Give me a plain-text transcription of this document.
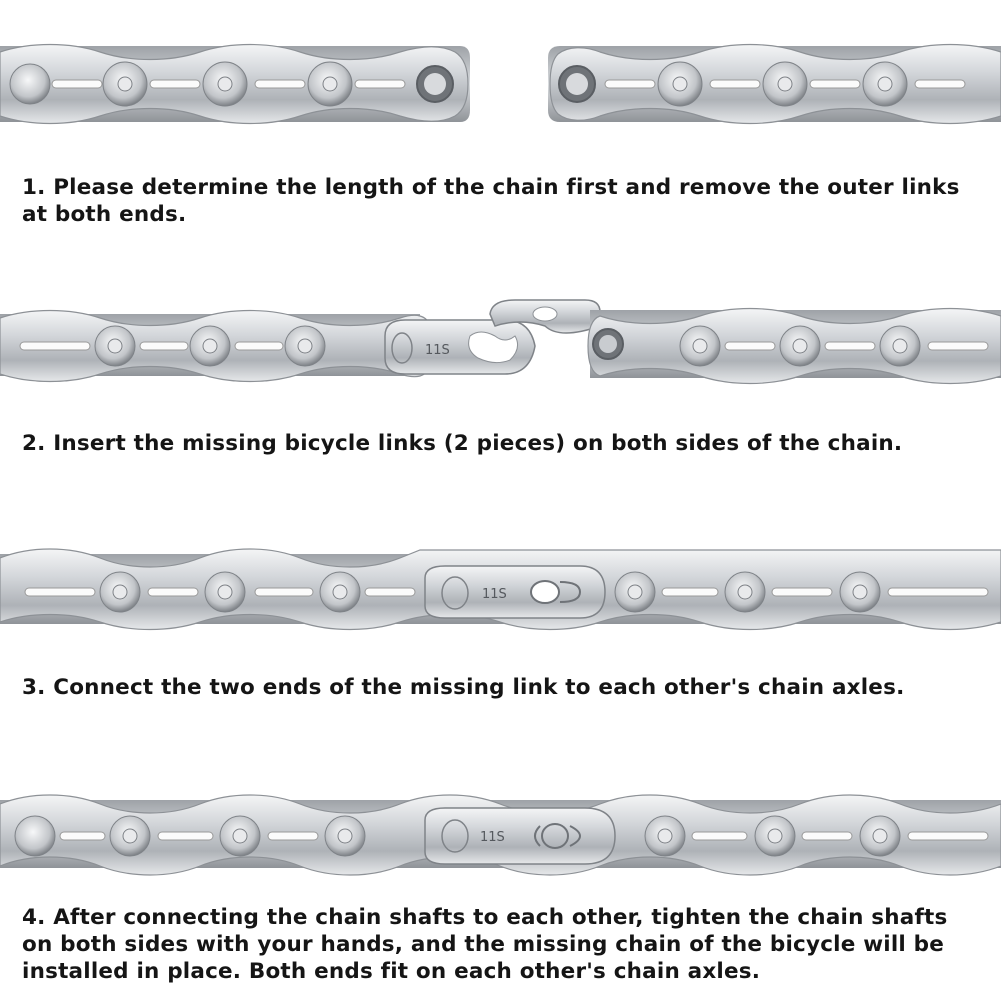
1. Please determine the length of the chain first and remove the outer links at both ends.
11S
2. Insert the missing bicycle links (2 pieces) on both sides of the chain.
11S
3. Connect the two ends of the missing link to each other's chain axles.
11S
4. After connecting the chain shafts to each other, tighten the chain shafts on both sides with your hands, and the missing chain of the bicycle will be installed in place. Both ends fit on each other's chain axles.
